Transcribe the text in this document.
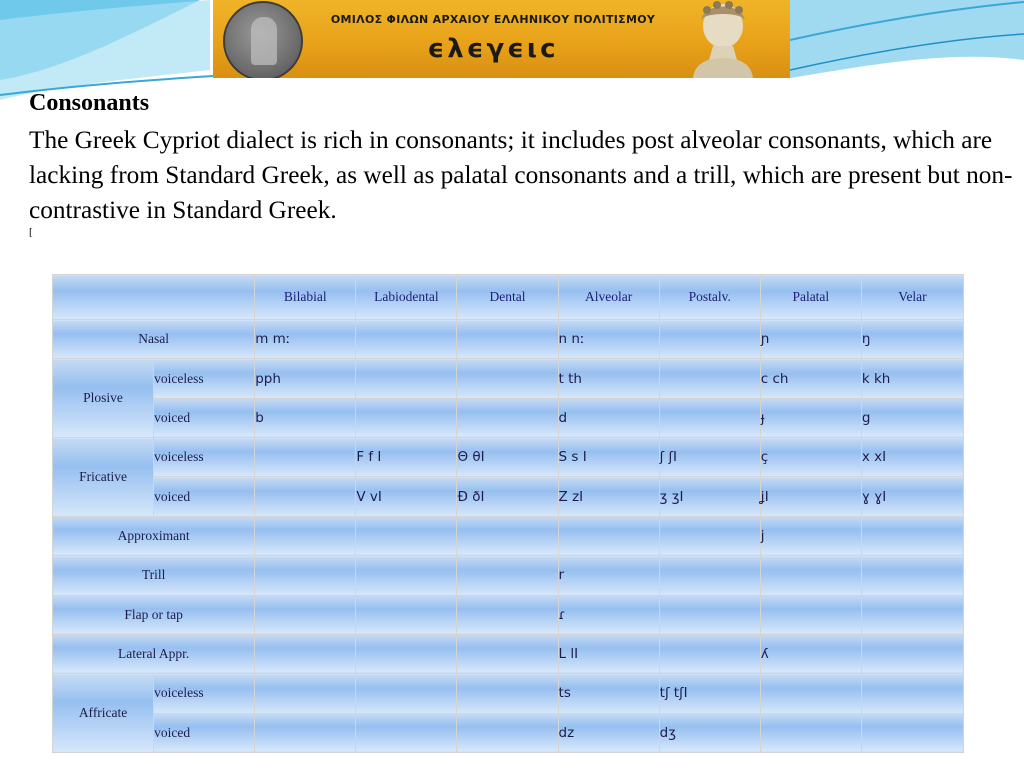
ΟΜΙΛΟΣ ΦΙΛΩΝ ΑΡΧΑΙΟΥ ΕΛΛΗΝΙΚΟΥ ΠΟΛΙΤΙΣΜΟΥ
ϵλϵγϵιϲ
Consonants
The Greek Cypriot dialect is rich in consonants; it includes post alveolar consonants, which are lacking from Standard Greek, as well as palatal consonants and a trill, which are present but non-contrastive in Standard Greek.
[
		Bilabial	Labiodental	Dental	Alveolar	Postalv.	Palatal	Velar
Nasal		m mː			n nː		ɲ	ŋ
Plosive	voiceless	pph			t th		c ch	k kh
	voiced	b			d		ɟ	g
Fricative	voiceless		F f I	Θ θI	S s I	ʃ ʃI	ç	x xI
	voiced		V vI	Ð ðI	Z zI	ʒ ʒI	ʝI	ɣ ɣI
Approximant							j	
Trill					r			
Flap or tap					ɾ			
Lateral Appr.					L lI		ʎ	
Affricate	voiceless				ts	tʃ tʃI		
	voiced				dz	dʒ		
